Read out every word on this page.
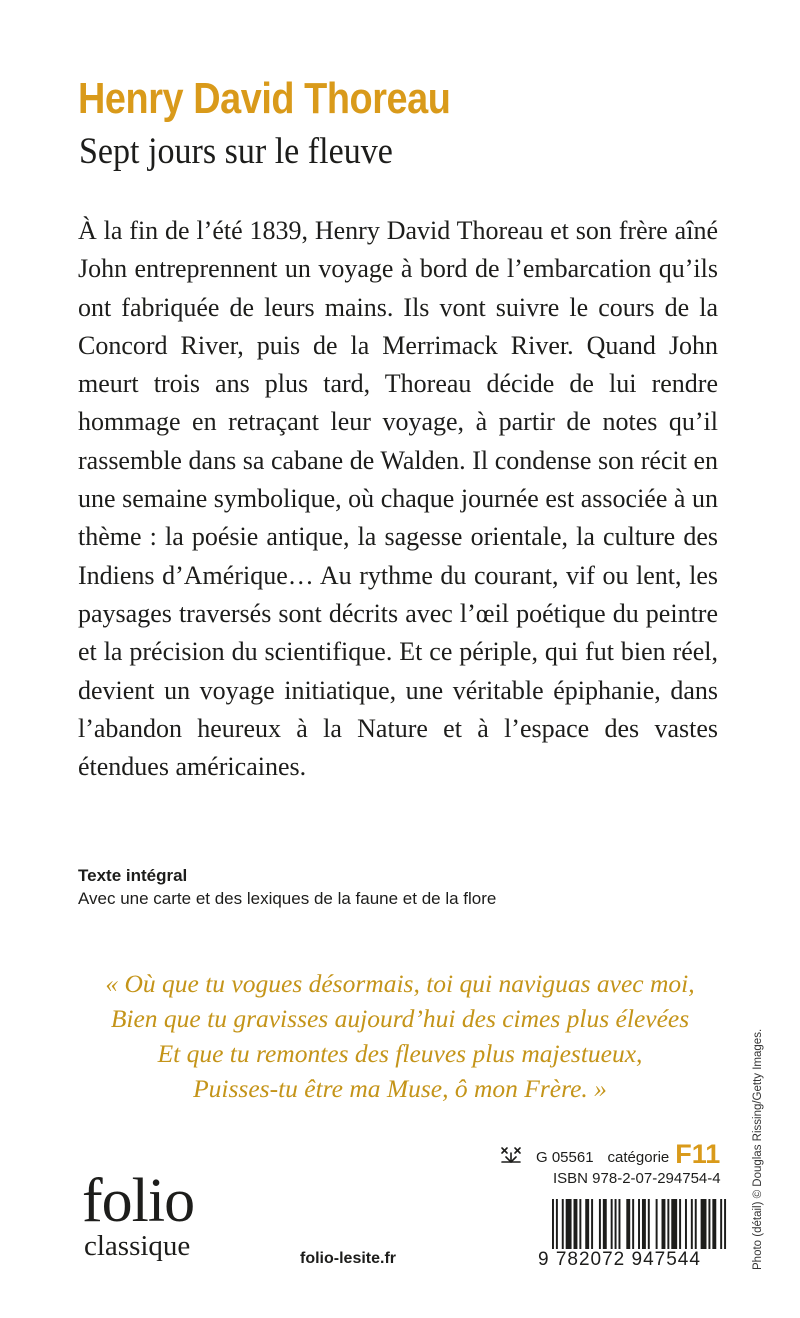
Henry David Thoreau
Sept jours sur le fleuve

À la fin de l’été 1839, Henry David Thoreau et son frère aîné John entreprennent un voyage à bord de l’embarcation qu’ils ont fabriquée de leurs mains. Ils vont suivre le cours de la Concord River, puis de la Merrimack River. Quand John meurt trois ans plus tard, Thoreau décide de lui rendre hommage en retraçant leur voyage, à partir de notes qu’il rassemble dans sa cabane de Walden. Il condense son récit en une semaine symbolique, où chaque journée est associée à un thème : la poésie antique, la sagesse orientale, la culture des Indiens d’Amérique… Au rythme du courant, vif ou lent, les paysages traversés sont décrits avec l’œil poétique du peintre et la précision du scientifique. Et ce périple, qui fut bien réel, devient un voyage initiatique, une véritable épiphanie, dans l’abandon heureux à la Nature et à l’espace des vastes étendues américaines.

Texte intégral

Avec une carte et des lexiques de la faune et de la flore

« Où que tu vogues désormais, toi qui naviguas avec moi,
Bien que tu gravisses aujourd’hui des cimes plus élevées
Et que tu remontes des fleuves plus majestueux,
Puisses-tu être ma Muse, ô mon Frère. »	Photo (détail) © Douglas Rissing/Getty Images.
folio
classique	folio-lesite.fr
G 05561 catégorie F11
ISBN 978-2-07-294754-4
9 782072 947544
